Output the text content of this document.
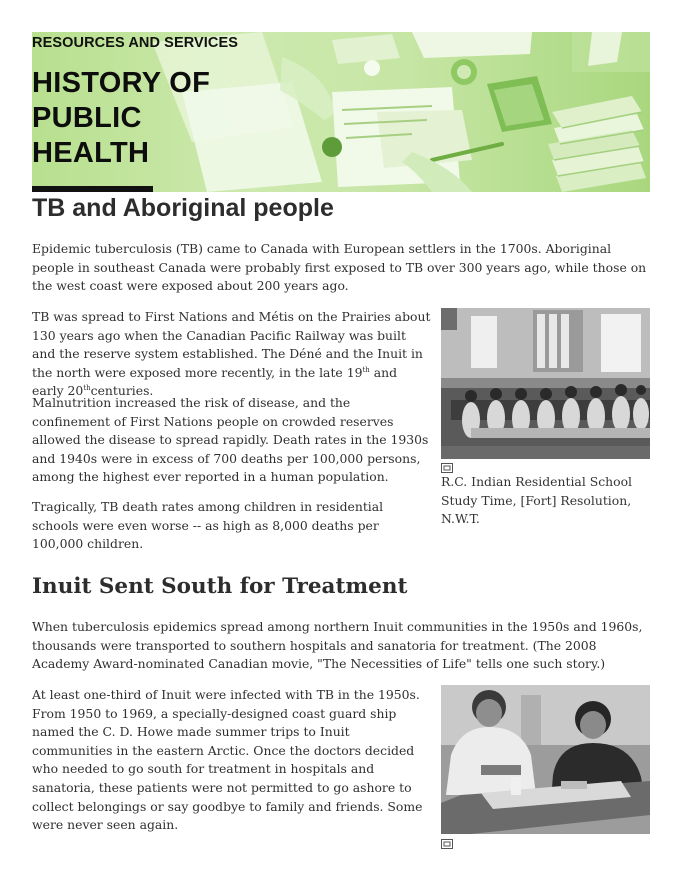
RESOURCES AND SERVICES
HISTORY OF
PUBLIC
HEALTH
TB and Aboriginal people

Epidemic tuberculosis (TB) came to Canada with European settlers in the 1700s. Aboriginal people in southeast Canada were probably first exposed to TB over 300 years ago, while those on the west coast were exposed about 200 years ago.

TB was spread to First Nations and Métis on the Prairies about 130 years ago when the Canadian Pacific Railway was built and the reserve system established. The Déné and the Inuit in the north were exposed more recently, in the late 19th and early 20thcenturies.

Malnutrition increased the risk of disease, and the confinement of First Nations people on crowded reserves allowed the disease to spread rapidly. Death rates in the 1930s and 1940s were in excess of 700 deaths per 100,000 persons, among the highest ever reported in a human population.

Tragically, TB death rates among children in residential schools were even worse -- as high as 8,000 deaths per 100,000 children.

R.C. Indian Residential School Study Time, [Fort] Resolution, N.W.T.
Inuit Sent South for Treatment

When tuberculosis epidemics spread among northern Inuit communities in the 1950s and 1960s, thousands were transported to southern hospitals and sanatoria for treatment. (The 2008 Academy Award-nominated Canadian movie, "The Necessities of Life" tells one such story.)

At least one-third of Inuit were infected with TB in the 1950s. From 1950 to 1969, a specially-designed coast guard ship named the C. D. Howe made summer trips to Inuit communities in the eastern Arctic. Once the doctors decided who needed to go south for treatment in hospitals and sanatoria, these patients were not permitted to go ashore to collect belongings or say goodbye to family and friends. Some were never seen again.
